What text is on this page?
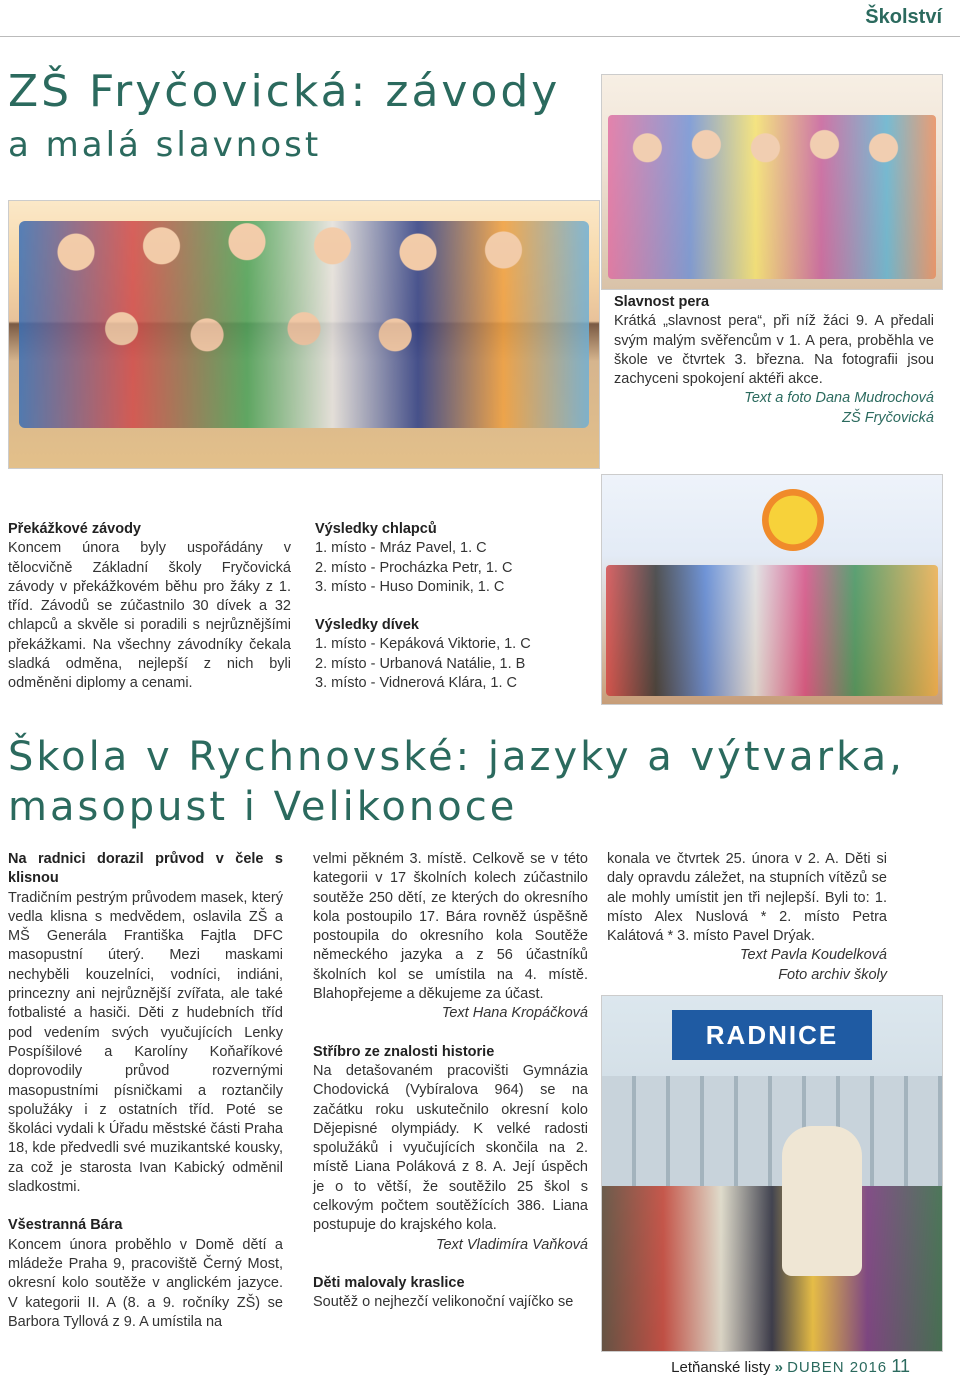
Školství
ZŠ Fryčovická: závody
a malá slavnost

Slavnost pera

Krátká „slavnost pera“, při níž žáci 9. A předali svým malým svěřencům v 1. A pera, proběhla ve škole ve čtvrtek 3. března. Na fotografii jsou zachyceni spokojení aktéři akce.

Text a foto Dana Mudrochová

ZŠ Fryčovická

Překážkové závody

Koncem února byly uspořádány v tělocvičně Základní školy Fryčovická závody v překážkovém běhu pro žáky z 1. tříd. Závodů se zúčastnilo 30 dívek a 32 chlapců a skvěle si poradili s nejrůznějšími překážkami. Na všechny závodníky čekala sladká odměna, nejlepší z nich byli odměněni diplomy a cenami.

Výsledky chlapců

1. místo - Mráz Pavel, 1. C

2. místo - Procházka Petr, 1. C

3. místo - Huso Dominik, 1. C

Výsledky dívek

1. místo - Kepáková Viktorie, 1. C

2. místo - Urbanová Natálie, 1. B

3. místo - Vidnerová Klára, 1. C

Škola v Rychnovské: jazyky a výtvarka,
masopust i Velikonoce

Na radnici dorazil průvod v čele s klisnou

Tradičním pestrým průvodem masek, který vedla klisna s medvědem, oslavila ZŠ a MŠ Generála Františka Fajtla DFC masopustní úterý. Mezi maskami nechyběli kouzelníci, vodníci, indiáni, princezny ani nejrůznější zvířata, ale také fotbalisté a hasiči. Děti z hudebních tříd pod vedením svých vyučujících Lenky Pospíšilové a Karolíny Koňaříkové doprovodily průvod rozvernými masopustními písničkami a roztančily spolužáky i z ostatních tříd. Poté se školáci vydali k Úřadu městské části Praha 18, kde předvedli své muzikantské kousky, za což je starosta Ivan Kabický odměnil sladkostmi.

Všestranná Bára

Koncem února proběhlo v Domě dětí a mládeže Praha 9, pracoviště Černý Most, okresní kolo soutěže v anglickém jazyce. V kategorii II. A (8. a 9. ročníky ZŠ) se Barbora Tyllová z 9. A umístila na

velmi pěkném 3. místě. Celkově se v této kategorii v 17 školních kolech zúčastnilo soutěže 250 dětí, ze kterých do okresního kola postoupilo 17. Bára rovněž úspěšně postoupila do okresního kola Soutěže německého jazyka a z 56 účastníků školních kol se umístila na 4. místě. Blahopřejeme a děkujeme za účast.

Text Hana Kropáčková

Stříbro ze znalosti historie

Na detašovaném pracovišti Gymnázia Chodovická (Vybíralova 964) se na začátku roku uskutečnilo okresní kolo Dějepisné olympiády. K velké radosti spolužáků i vyučujících skončila na 2. místě Liana Poláková z 8. A. Její úspěch je o to větší, že soutěžilo 25 škol s celkovým počtem soutěžících 386. Liana postupuje do krajského kola.

Text Vladimíra Vaňková

Děti malovaly kraslice

Soutěž o nejhezčí velikonoční vajíčko se

konala ve čtvrtek 25. února v 2. A. Děti si daly opravdu záležet, na stupních vítězů se ale mohly umístit jen tři nejlepší. Byli to: 1. místo Alex Nuslová * 2. místo Petra Kalátová * 3. místo Pavel Drýak.

Text Pavla Koudelková

Foto archiv školy

RADNICE
Letňanské listy » DUBEN 2016 11
